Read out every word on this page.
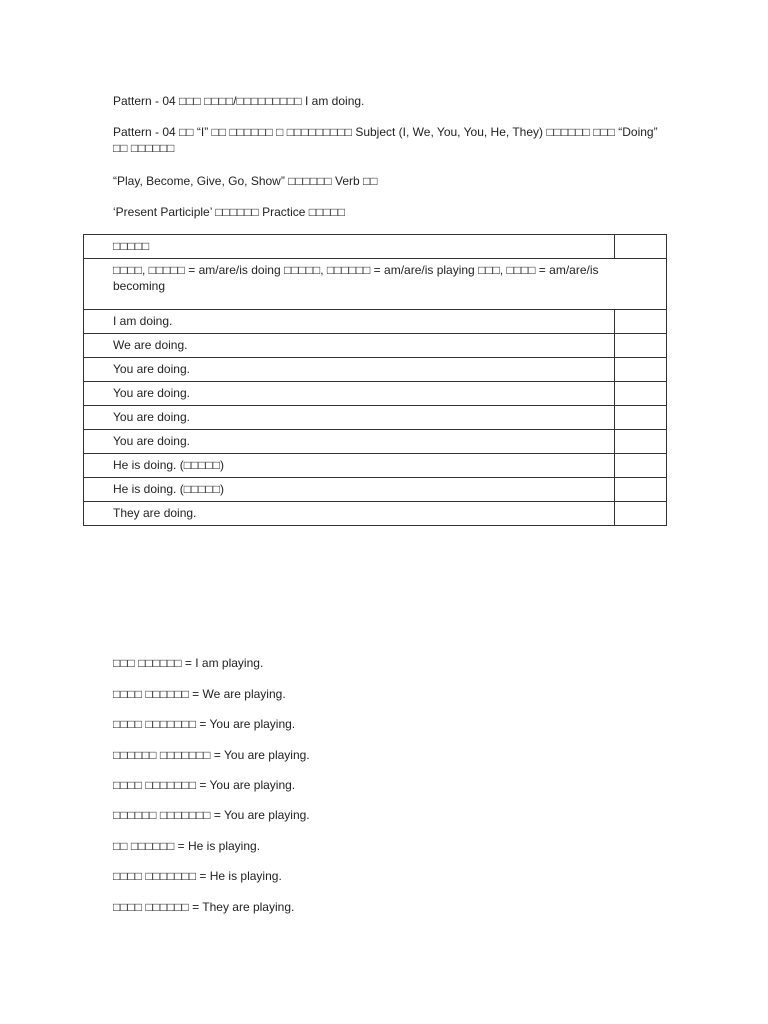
Pattern - 04 □□□ □□□□/□□□□□□□□□ I am doing.
Pattern - 04 □□ “I” □□ □□□□□□ □ □□□□□□□□□ Subject (I, We, You, You, He, They) □□□□□□ □□□ “Doing” □□ □□□□□□
“Play, Become, Give, Go, Show” □□□□□□ Verb □□
‘Present Participle’ □□□□□□ Practice □□□□□
□□□□□	
□□□□, □□□□□ = am/are/is doing □□□□□, □□□□□□ = am/are/is playing □□□, □□□□ = am/are/is becoming	
I am doing.	
We are doing.	
You are doing.	
You are doing.	
You are doing.	
You are doing.	
He is doing. (□□□□□)	
He is doing. (□□□□□)	
They are doing.	
□□□ □□□□□□ = I am playing.
□□□□ □□□□□□ = We are playing.
□□□□ □□□□□□□ = You are playing.
□□□□□□ □□□□□□□ = You are playing.
□□□□ □□□□□□□ = You are playing.
□□□□□□ □□□□□□□ = You are playing.
□□ □□□□□□ = He is playing.
□□□□ □□□□□□□ = He is playing.
□□□□ □□□□□□ = They are playing.
